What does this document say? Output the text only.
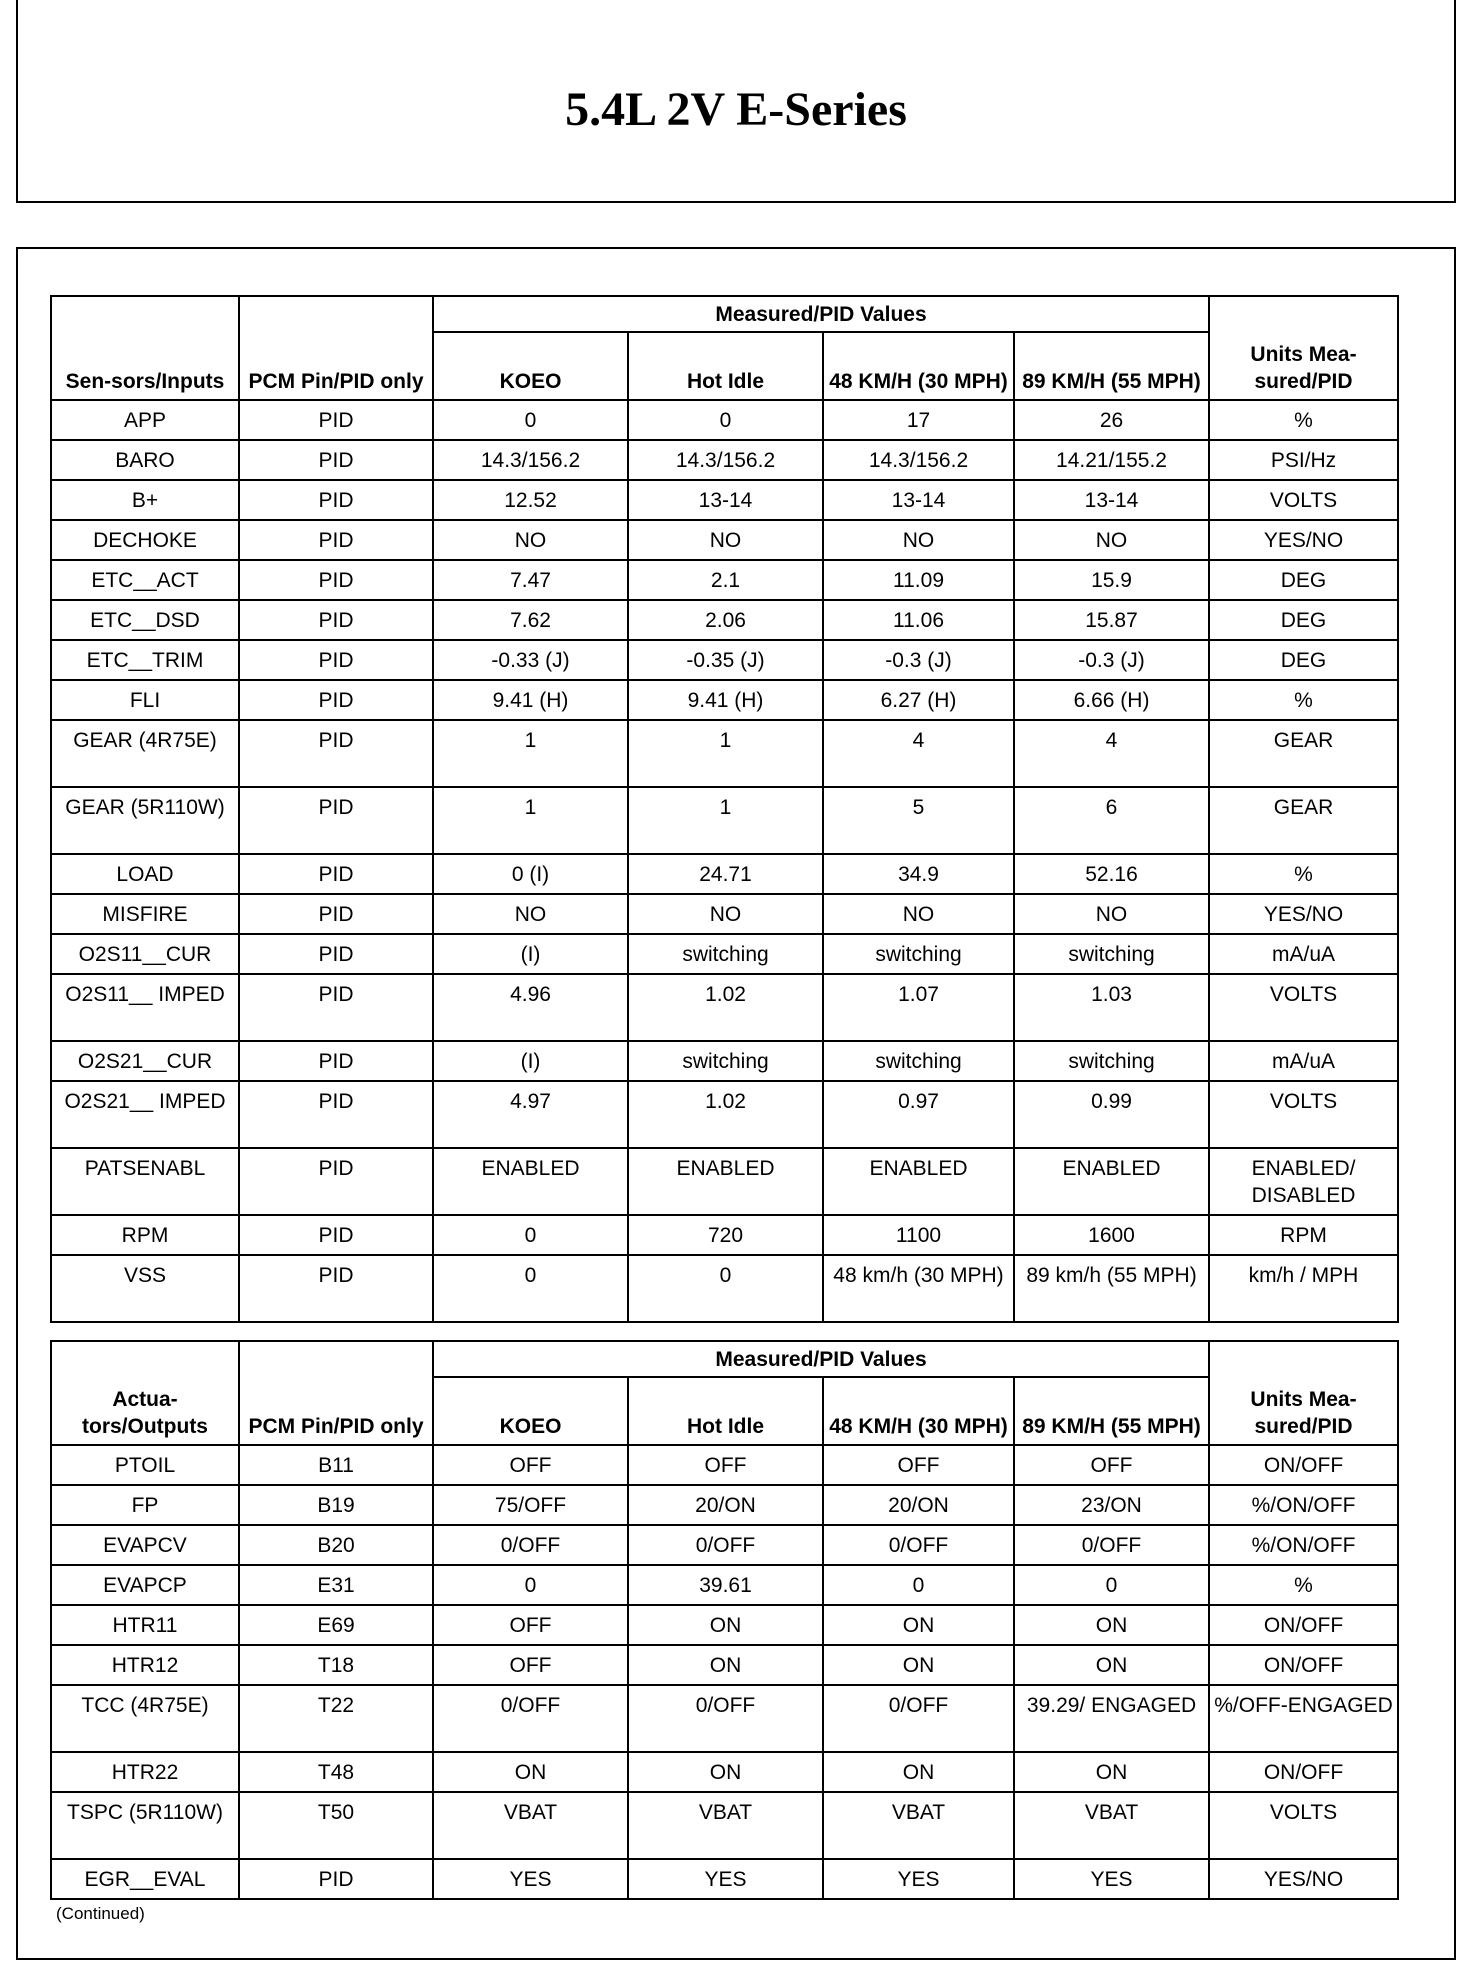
5.4L 2V E-Series
Sen-sors/Inputs	PCM Pin/PID only	Measured/PID Values				Units Mea-sured/PID
		KOEO	Hot Idle	48 KM/H (30 MPH)	89 KM/H (55 MPH)	
APP	PID	0	0	17	26	%
BARO	PID	14.3/156.2	14.3/156.2	14.3/156.2	14.21/155.2	PSI/Hz
B+	PID	12.52	13-14	13-14	13-14	VOLTS
DECHOKE	PID	NO	NO	NO	NO	YES/NO
ETC__ACT	PID	7.47	2.1	11.09	15.9	DEG
ETC__DSD	PID	7.62	2.06	11.06	15.87	DEG
ETC__TRIM	PID	-0.33 (J)	-0.35 (J)	-0.3 (J)	-0.3 (J)	DEG
FLI	PID	9.41 (H)	9.41 (H)	6.27 (H)	6.66 (H)	%
GEAR (4R75E)	PID	1	1	4	4	GEAR
GEAR (5R110W)	PID	1	1	5	6	GEAR
LOAD	PID	0 (I)	24.71	34.9	52.16	%
MISFIRE	PID	NO	NO	NO	NO	YES/NO
O2S11__CUR	PID	(I)	switching	switching	switching	mA/uA
O2S11__ IMPED	PID	4.96	1.02	1.07	1.03	VOLTS
O2S21__CUR	PID	(I)	switching	switching	switching	mA/uA
O2S21__ IMPED	PID	4.97	1.02	0.97	0.99	VOLTS
PATSENABL	PID	ENABLED	ENABLED	ENABLED	ENABLED	ENABLED/ DISABLED
RPM	PID	0	720	1100	1600	RPM
VSS	PID	0	0	48 km/h (30 MPH)	89 km/h (55 MPH)	km/h / MPH
Actua-tors/Outputs	PCM Pin/PID only	Measured/PID Values				Units Mea-sured/PID
		KOEO	Hot Idle	48 KM/H (30 MPH)	89 KM/H (55 MPH)	
PTOIL	B11	OFF	OFF	OFF	OFF	ON/OFF
FP	B19	75/OFF	20/ON	20/ON	23/ON	%/ON/OFF
EVAPCV	B20	0/OFF	0/OFF	0/OFF	0/OFF	%/ON/OFF
EVAPCP	E31	0	39.61	0	0	%
HTR11	E69	OFF	ON	ON	ON	ON/OFF
HTR12	T18	OFF	ON	ON	ON	ON/OFF
TCC (4R75E)	T22	0/OFF	0/OFF	0/OFF	39.29/ ENGAGED	%/OFF-ENGAGED
HTR22	T48	ON	ON	ON	ON	ON/OFF
TSPC (5R110W)	T50	VBAT	VBAT	VBAT	VBAT	VOLTS
EGR__EVAL	PID	YES	YES	YES	YES	YES/NO
(Continued)
